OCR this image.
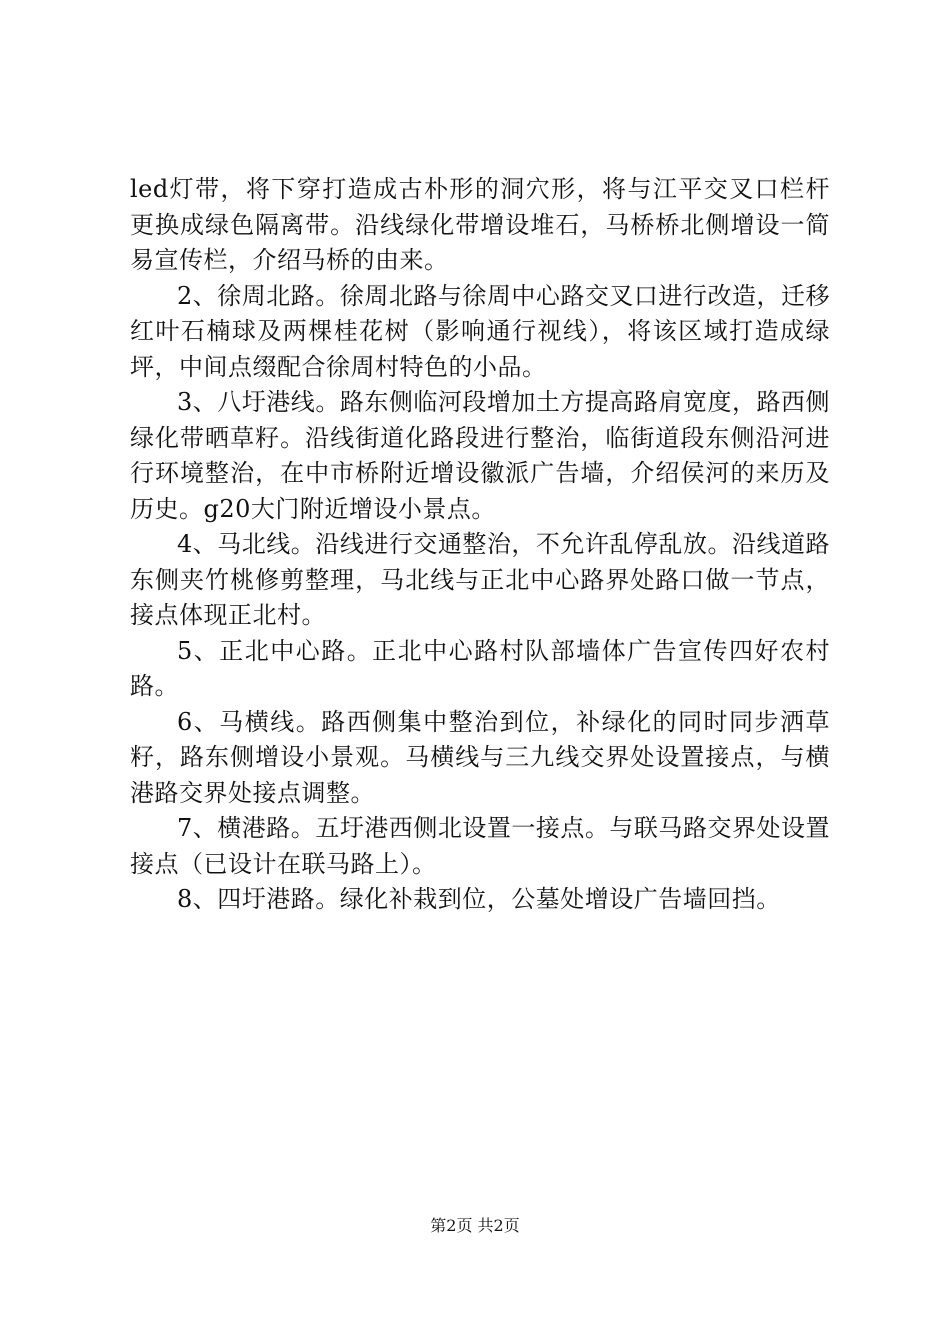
led灯带，将下穿打造成古朴形的洞穴形，将与江平交叉口栏杆更换成绿色隔离带。沿线绿化带增设堆石，马桥桥北侧增设一简易宣传栏，介绍马桥的由来。

2、徐周北路。徐周北路与徐周中心路交叉口进行改造，迁移红叶石楠球及两棵桂花树（影响通行视线），将该区域打造成绿坪，中间点缀配合徐周村特色的小品。

3、八圩港线。路东侧临河段增加土方提高路肩宽度，路西侧绿化带晒草籽。沿线街道化路段进行整治，临街道段东侧沿河进行环境整治，在中市桥附近增设徽派广告墙，介绍侯河的来历及历史。g20大门附近增设小景点。

4、马北线。沿线进行交通整治，不允许乱停乱放。沿线道路东侧夹竹桃修剪整理，马北线与正北中心路界处路口做一节点，接点体现正北村。

5、正北中心路。正北中心路村队部墙体广告宣传四好农村路。

6、马横线。路西侧集中整治到位，补绿化的同时同步洒草籽，路东侧增设小景观。马横线与三九线交界处设置接点，与横港路交界处接点调整。

7、横港路。五圩港西侧北设置一接点。与联马路交界处设置接点（已设计在联马路上）。

8、四圩港路。绿化补栽到位，公墓处增设广告墙回挡。

第2页 共2页
